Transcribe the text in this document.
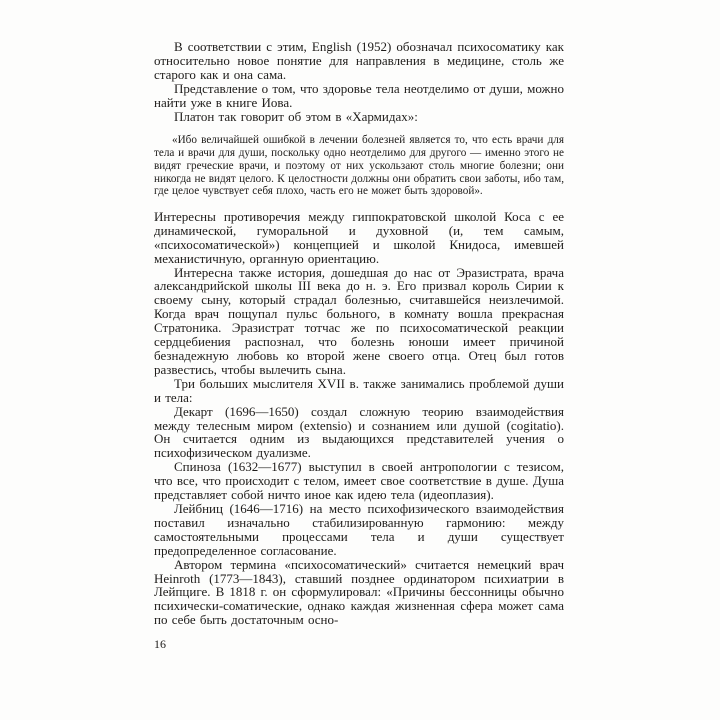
В соответствии с этим, English (1952) обозначал психосоматику как относительно новое понятие для направления в медицине, столь же старого как и она сама.

Представление о том, что здоровье тела неотделимо от души, можно найти уже в книге Иова.

Платон так говорит об этом в «Хармидах»:

«Ибо величайшей ошибкой в лечении болезней является то, что есть врачи для тела и врачи для души, поскольку одно неотделимо для другого — именно этого не видят греческие врачи, и поэтому от них ускользают столь многие болезни; они никогда не видят целого. К целостности должны они обратить свои заботы, ибо там, где целое чувствует себя плохо, часть его не может быть здоровой».

Интересны противоречия между гиппократовской школой Коса с ее динамической, гуморальной и духовной (и, тем самым, «психосоматической») концепцией и школой Книдоса, имевшей механистичную, органную ориентацию.

Интересна также история, дошедшая до нас от Эразистрата, врача александрийской школы III века до н. э. Его призвал король Сирии к своему сыну, который страдал болезнью, считавшейся неизлечимой. Когда врач пощупал пульс больного, в комнату вошла прекрасная Стратоника. Эразистрат тотчас же по психосоматической реакции сердцебиения распознал, что болезнь юноши имеет причиной безнадежную любовь ко второй жене своего отца. Отец был готов развестись, чтобы вылечить сына.

Три больших мыслителя XVII в. также занимались проблемой души и тела:

Декарт (1696—1650) создал сложную теорию взаимодействия между телесным миром (extensio) и сознанием или душой (cogitatio). Он считается одним из выдающихся представителей учения о психофизическом дуализме.

Спиноза (1632—1677) выступил в своей антропологии с тезисом, что все, что происходит с телом, имеет свое соответствие в душе. Душа представляет собой ничто иное как идею тела (идеоплазия).

Лейбниц (1646—1716) на место психофизического взаимодействия поставил изначально стабилизированную гармонию: между самостоятельными процессами тела и души существует предопределенное согласование.

Автором термина «психосоматический» считается немецкий врач Heinroth (1773—1843), ставший позднее ординатором психиатрии в Лейпциге. В 1818 г. он сформулировал: «Причины бессонницы обычно психически-соматические, однако каждая жизненная сфера может сама по себе быть достаточным осно-

16
